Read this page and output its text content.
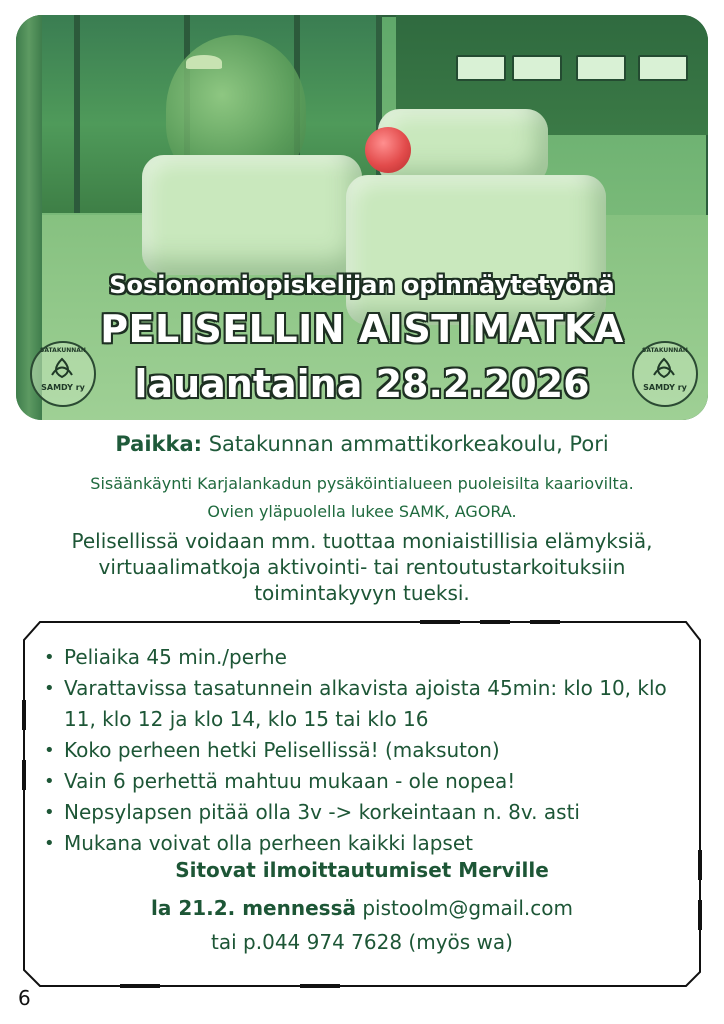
Sosionomiopiskelijan opinnäytetyönä
PELISELLIN AISTIMATKA
lauantaina 28.2.2026
SATAKUNNAN
SAMDY ry
SATAKUNNAN
SAMDY ry
Paikka: Satakunnan ammattikorkeakoulu, Pori
Sisäänkäynti Karjalankadun pysäköintialueen puoleisilta kaariovilta.
Ovien yläpuolella lukee SAMK, AGORA.
Pelisellissä voidaan mm. tuottaa moniaistillisia elämyksiä, virtuaalimatkoja aktivointi- tai rentoutustarkoituksiin toimintakyvyn tueksi.
• Peliaika 45 min./perhe
• Varattavissa tasatunnein alkavista ajoista 45min: klo 10, klo 11, klo 12 ja klo 14, klo 15 tai klo 16
• Koko perheen hetki Pelisellissä! (maksuton)
• Vain 6 perhettä mahtuu mukaan - ole nopea!
• Nepsylapsen pitää olla 3v -> korkeintaan n. 8v. asti
• Mukana voivat olla perheen kaikki lapset
Sitovat ilmoittautumiset Merville
la 21.2. mennessä pistoolm@gmail.com
tai p.044 974 7628 (myös wa)
6
